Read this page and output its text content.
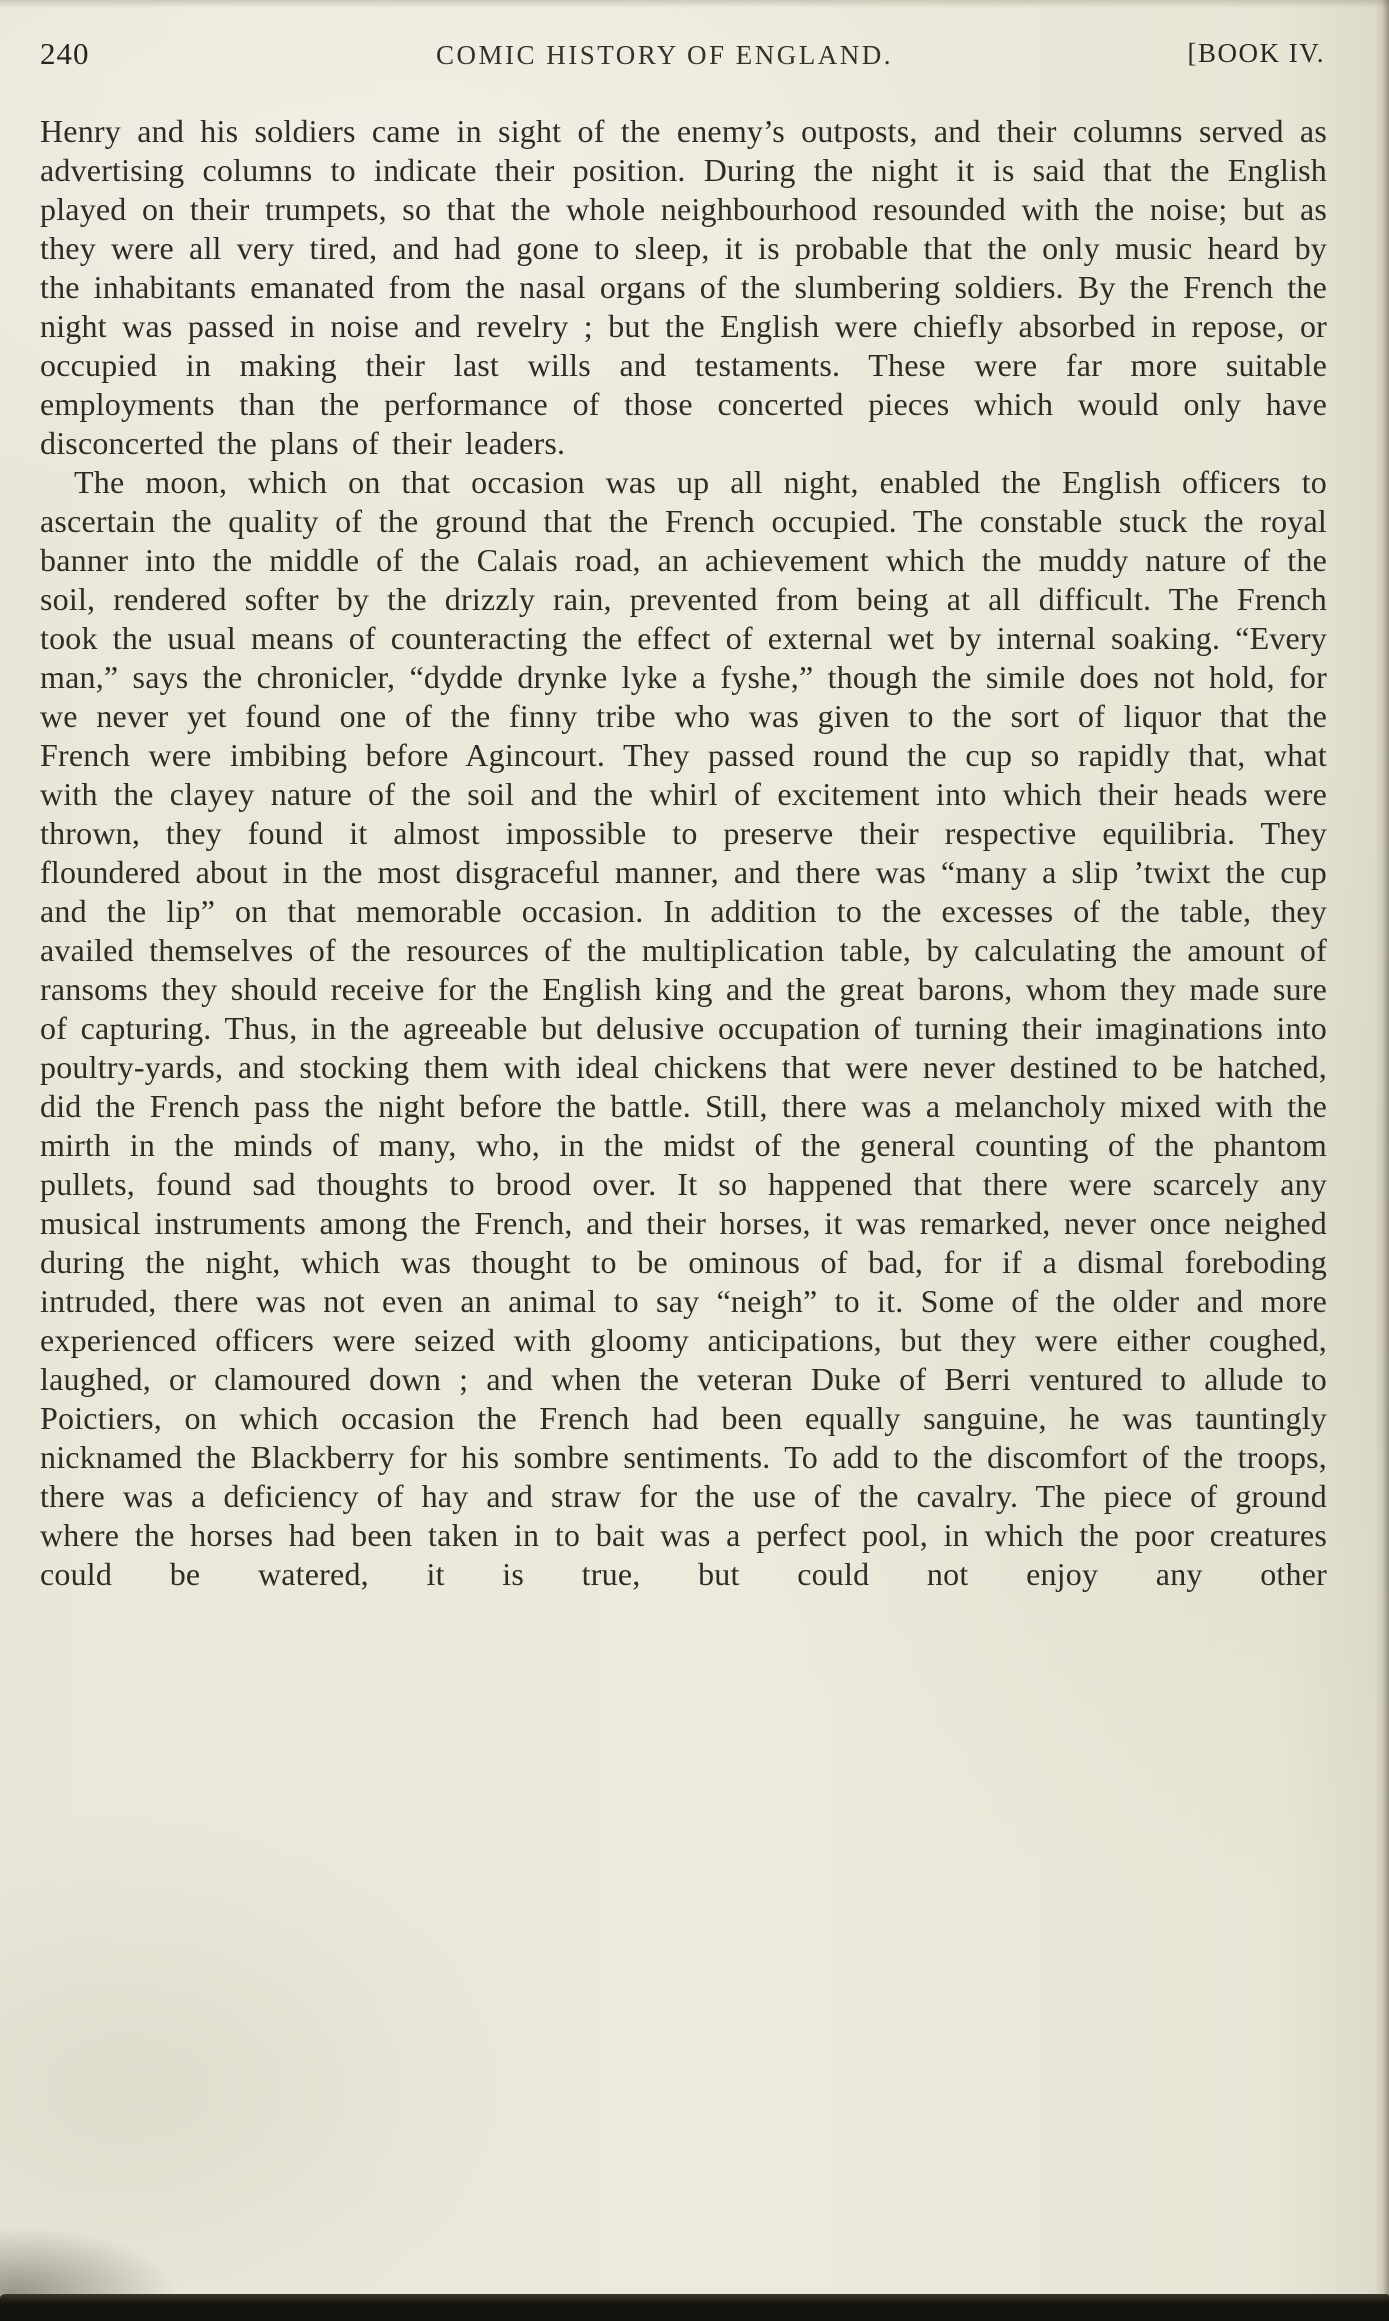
240	COMIC HISTORY OF ENGLAND.	[BOOK IV.

Henry and his soldiers came in sight of the enemy’s outposts, and their columns served as advertising columns to indicate their position. During the night it is said that the English played on their trumpets, so that the whole neighbourhood resounded with the noise; but as they were all very tired, and had gone to sleep, it is probable that the only music heard by the inhabitants emanated from the nasal organs of the slumbering soldiers. By the French the night was passed in noise and revelry ; but the English were chiefly absorbed in repose, or occupied in making their last wills and testaments. These were far more suitable employments than the performance of those concerted pieces which would only have disconcerted the plans of their leaders.

The moon, which on that occasion was up all night, enabled the English officers to ascertain the quality of the ground that the French occupied. The constable stuck the royal banner into the middle of the Calais road, an achievement which the muddy nature of the soil, rendered softer by the drizzly rain, prevented from being at all difficult. The French took the usual means of counteracting the effect of external wet by internal soaking. “Every man,” says the chronicler, “dydde drynke lyke a fyshe,” though the simile does not hold, for we never yet found one of the finny tribe who was given to the sort of liquor that the French were imbibing before Agincourt. They passed round the cup so rapidly that, what with the clayey nature of the soil and the whirl of excitement into which their heads were thrown, they found it almost impossible to preserve their respective equilibria. They floundered about in the most disgraceful manner, and there was “many a slip ’twixt the cup and the lip” on that memorable occasion. In addition to the excesses of the table, they availed themselves of the resources of the multiplication table, by calculating the amount of ransoms they should receive for the English king and the great barons, whom they made sure of capturing. Thus, in the agreeable but delusive occupation of turning their imaginations into poultry-yards, and stocking them with ideal chickens that were never destined to be hatched, did the French pass the night before the battle. Still, there was a melancholy mixed with the mirth in the minds of many, who, in the midst of the general counting of the phantom pullets, found sad thoughts to brood over. It so happened that there were scarcely any musical instruments among the French, and their horses, it was remarked, never once neighed during the night, which was thought to be ominous of bad, for if a dismal foreboding intruded, there was not even an animal to say “neigh” to it. Some of the older and more experienced officers were seized with gloomy anticipations, but they were either coughed, laughed, or clamoured down ; and when the veteran Duke of Berri ventured to allude to Poictiers, on which occasion the French had been equally sanguine, he was tauntingly nicknamed the Blackberry for his sombre sentiments. To add to the discomfort of the troops, there was a deficiency of hay and straw for the use of the cavalry. The piece of ground where the horses had been taken in to bait was a perfect pool, in which the poor creatures could be watered, it is true, but could not enjoy any other
